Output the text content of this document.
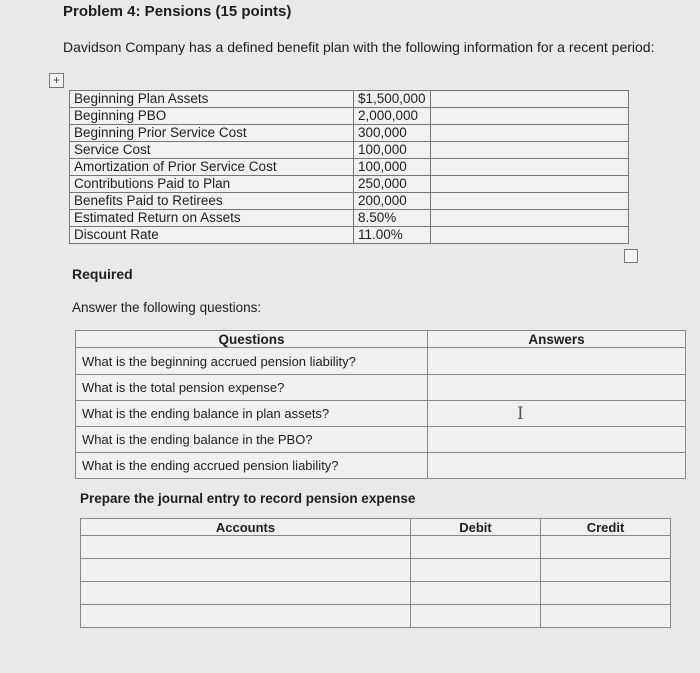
Problem 4: Pensions (15 points)
Davidson Company has a defined benefit plan with the following information for a recent period:
+
Beginning Plan Assets	$1,500,000	
Beginning PBO	2,000,000	
Beginning Prior Service Cost	300,000	
Service Cost	100,000	
Amortization of Prior Service Cost	100,000	
Contributions Paid to Plan	250,000	
Benefits Paid to Retirees	200,000	
Estimated Return on Assets	8.50%	
Discount Rate	11.00%	
Required
Answer the following questions:
Questions	Answers
What is the beginning accrued pension liability?	
What is the total pension expense?	
What is the ending balance in plan assets?	
What is the ending balance in the PBO?	
What is the ending accrued pension liability?	
I
Prepare the journal entry to record pension expense
Accounts	Debit	Credit
